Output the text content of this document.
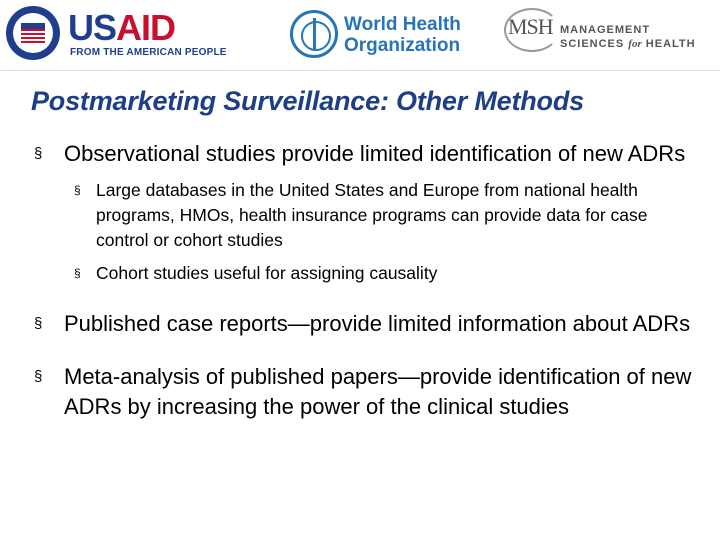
USAID
FROM THE AMERICAN PEOPLE
World Health
Organization
MSH MANAGEMENT
SCIENCES for HEALTH
Postmarketing Surveillance: Other Methods

§ Observational studies provide limited identification of new ADRs

§ Large databases in the United States and Europe from national health programs, HMOs, health insurance programs can provide data for case control or cohort studies

§ Cohort studies useful for assigning causality

§ Published case reports—provide limited information about ADRs

§ Meta-analysis of published papers—provide identification of new ADRs by increasing the power of the clinical studies
